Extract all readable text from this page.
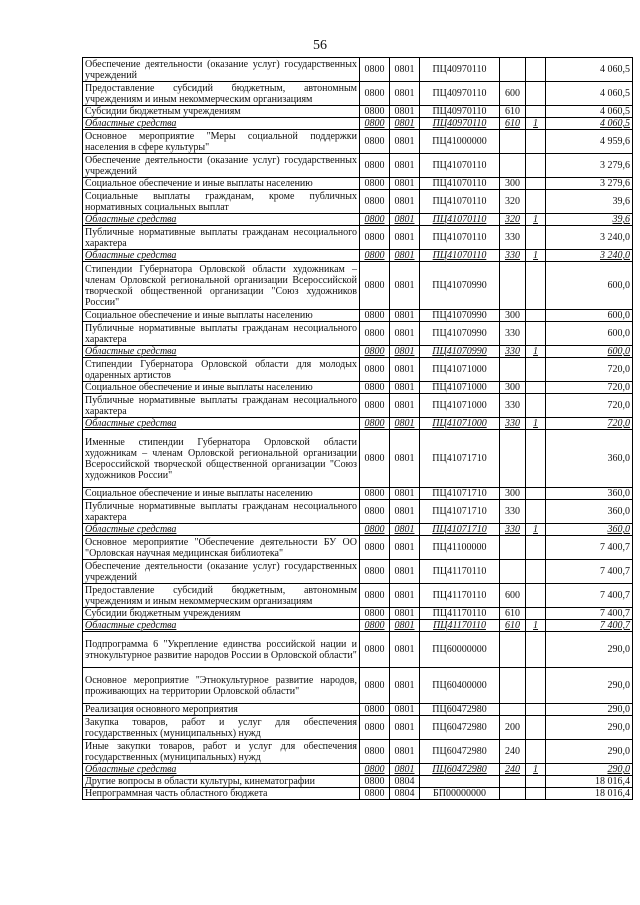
56
Обеспечение деятельности (оказание услуг) государственных учреждений	0800	0801	ПЦ40970110			4 060,5
Предоставление субсидий бюджетным, автономным учреждениям и иным некоммерческим организациям	0800	0801	ПЦ40970110	600		4 060,5
Субсидии бюджетным учреждениям	0800	0801	ПЦ40970110	610		4 060,5
Областные средства	0800	0801	ПЦ40970110	610	1	4 060,5
Основное мероприятие "Меры социальной поддержки населения в сфере культуры"	0800	0801	ПЦ41000000			4 959,6
Обеспечение деятельности (оказание услуг) государственных учреждений	0800	0801	ПЦ41070110			3 279,6
Социальное обеспечение и иные выплаты населению	0800	0801	ПЦ41070110	300		3 279,6
Социальные выплаты гражданам, кроме публичных нормативных социальных выплат	0800	0801	ПЦ41070110	320		39,6
Областные средства	0800	0801	ПЦ41070110	320	1	39,6
Публичные нормативные выплаты гражданам несоциального характера	0800	0801	ПЦ41070110	330		3 240,0
Областные средства	0800	0801	ПЦ41070110	330	1	3 240,0
Стипендии Губернатора Орловской области художникам – членам Орловской региональной организации Всероссийской творческой общественной организации "Союз художников России"	0800	0801	ПЦ41070990			600,0
Социальное обеспечение и иные выплаты населению	0800	0801	ПЦ41070990	300		600,0
Публичные нормативные выплаты гражданам несоциального характера	0800	0801	ПЦ41070990	330		600,0
Областные средства	0800	0801	ПЦ41070990	330	1	600,0
Стипендии Губернатора Орловской области для молодых одаренных артистов	0800	0801	ПЦ41071000			720,0
Социальное обеспечение и иные выплаты населению	0800	0801	ПЦ41071000	300		720,0
Публичные нормативные выплаты гражданам несоциального характера	0800	0801	ПЦ41071000	330		720,0
Областные средства	0800	0801	ПЦ41071000	330	1	720,0
Именные стипендии Губернатора Орловской области художникам – членам Орловской региональной организации Всероссийской творческой общественной организации "Союз художников России"	0800	0801	ПЦ41071710			360,0
Социальное обеспечение и иные выплаты населению	0800	0801	ПЦ41071710	300		360,0
Публичные нормативные выплаты гражданам несоциального характера	0800	0801	ПЦ41071710	330		360,0
Областные средства	0800	0801	ПЦ41071710	330	1	360,0
Основное мероприятие "Обеспечение деятельности БУ ОО "Орловская научная медицинская библиотека"	0800	0801	ПЦ41100000			7 400,7
Обеспечение деятельности (оказание услуг) государственных учреждений	0800	0801	ПЦ41170110			7 400,7
Предоставление субсидий бюджетным, автономным учреждениям и иным некоммерческим организациям	0800	0801	ПЦ41170110	600		7 400,7
Субсидии бюджетным учреждениям	0800	0801	ПЦ41170110	610		7 400,7
Областные средства	0800	0801	ПЦ41170110	610	1	7 400,7
Подпрограмма 6 "Укрепление единства российской нации и этнокультурное развитие народов России в Орловской области"	0800	0801	ПЦ60000000			290,0
Основное мероприятие "Этнокультурное развитие народов, проживающих на территории Орловской области"	0800	0801	ПЦ60400000			290,0
Реализация основного мероприятия	0800	0801	ПЦ60472980			290,0
Закупка товаров, работ и услуг для обеспечения государственных (муниципальных) нужд	0800	0801	ПЦ60472980	200		290,0
Иные закупки товаров, работ и услуг для обеспечения государственных (муниципальных) нужд	0800	0801	ПЦ60472980	240		290,0
Областные средства	0800	0801	ПЦ60472980	240	1	290,0
Другие вопросы в области культуры, кинематографии	0800	0804				18 016,4
Непрограммная часть областного бюджета	0800	0804	БП00000000			18 016,4
